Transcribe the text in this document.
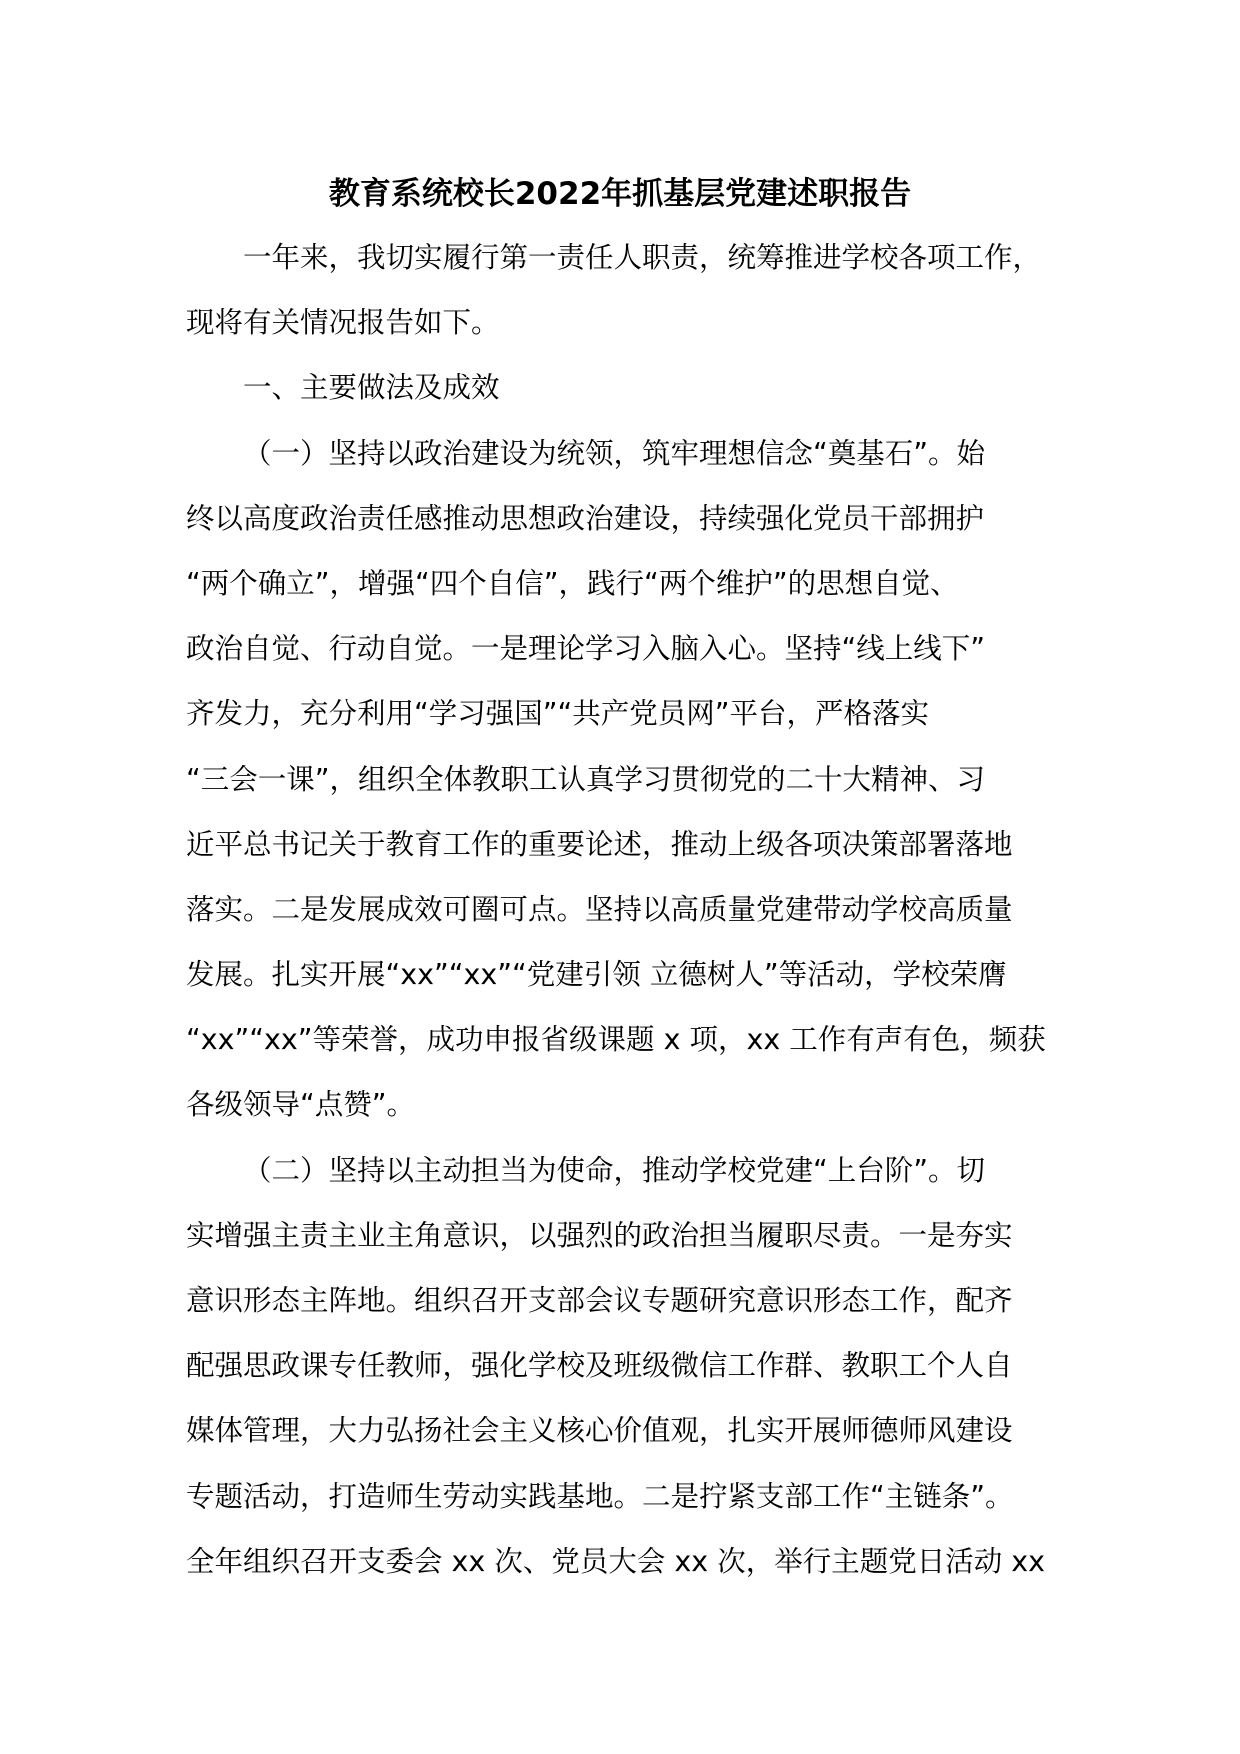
教育系统校长2022年抓基层党建述职报告
一年来，我切实履行第一责任人职责，统筹推进学校各项工作，
现将有关情况报告如下。
一、主要做法及成效
（一）坚持以政治建设为统领，筑牢理想信念“奠基石”。始
终以高度政治责任感推动思想政治建设，持续强化党员干部拥护
“两个确立”，增强“四个自信”，践行“两个维护”的思想自觉、
政治自觉、行动自觉。一是理论学习入脑入心。坚持“线上线下”
齐发力，充分利用“学习强国”“共产党员网”平台，严格落实
“三会一课”，组织全体教职工认真学习贯彻党的二十大精神、习
近平总书记关于教育工作的重要论述，推动上级各项决策部署落地
落实。二是发展成效可圈可点。坚持以高质量党建带动学校高质量
发展。扎实开展“xx”“xx”“党建引领 立德树人”等活动，学校荣膺
“xx”“xx”等荣誉，成功申报省级课题 x 项，xx 工作有声有色，频获
各级领导“点赞”。
（二）坚持以主动担当为使命，推动学校党建“上台阶”。切
实增强主责主业主角意识，以强烈的政治担当履职尽责。一是夯实
意识形态主阵地。组织召开支部会议专题研究意识形态工作，配齐
配强思政课专任教师，强化学校及班级微信工作群、教职工个人自
媒体管理，大力弘扬社会主义核心价值观，扎实开展师德师风建设
专题活动，打造师生劳动实践基地。二是拧紧支部工作“主链条”。
全年组织召开支委会 xx 次、党员大会 xx 次，举行主题党日活动 xx
